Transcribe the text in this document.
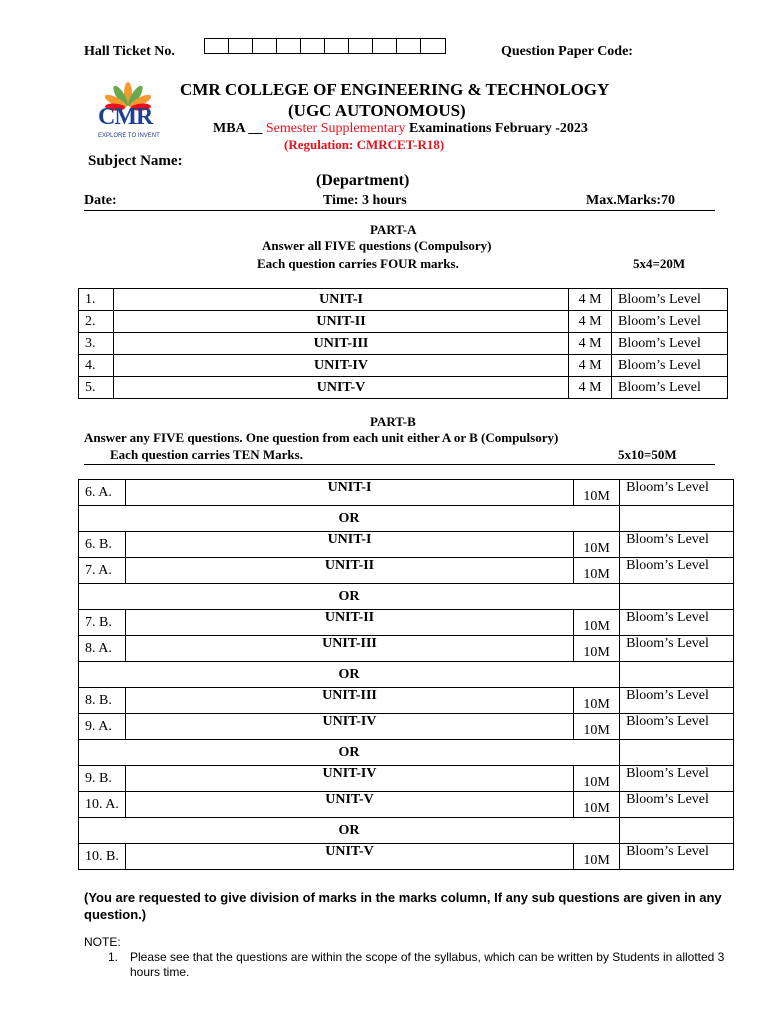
Hall Ticket No.	Question Paper Code:
CMR
EXPLORE TO INVENT
CMR COLLEGE OF ENGINEERING & TECHNOLOGY
(UGC AUTONOMOUS)
MBA __ Semester Supplementary Examinations February -2023
(Regulation: CMRCET-R18)
Subject Name:
(Department)
Date:	Time: 3 hours	Max.Marks:70
PART-A
Answer all FIVE questions (Compulsory)
Each question carries FOUR marks.	5x4=20M
1.	UNIT-I	4 M	Bloom’s Level
2.	UNIT-II	4 M	Bloom’s Level
3.	UNIT-III	4 M	Bloom’s Level
4.	UNIT-IV	4 M	Bloom’s Level
5.	UNIT-V	4 M	Bloom’s Level
PART-B
Answer any FIVE questions. One question from each unit either A or B (Compulsory)
Each question carries TEN Marks.	5x10=50M
6. A.	UNIT-I	10M	Bloom’s Level
OR			
6. B.	UNIT-I	10M	Bloom’s Level
7. A.	UNIT-II	10M	Bloom’s Level
OR			
7. B.	UNIT-II	10M	Bloom’s Level
8. A.	UNIT-III	10M	Bloom’s Level
OR			
8. B.	UNIT-III	10M	Bloom’s Level
9. A.	UNIT-IV	10M	Bloom’s Level
OR			
9. B.	UNIT-IV	10M	Bloom’s Level
10. A.	UNIT-V	10M	Bloom’s Level
OR			
10. B.	UNIT-V	10M	Bloom’s Level
(You are requested to give division of marks in the marks column, If any sub questions are given in any question.)
NOTE:
1. Please see that the questions are within the scope of the syllabus, which can be written by Students in allotted 3 hours time.
